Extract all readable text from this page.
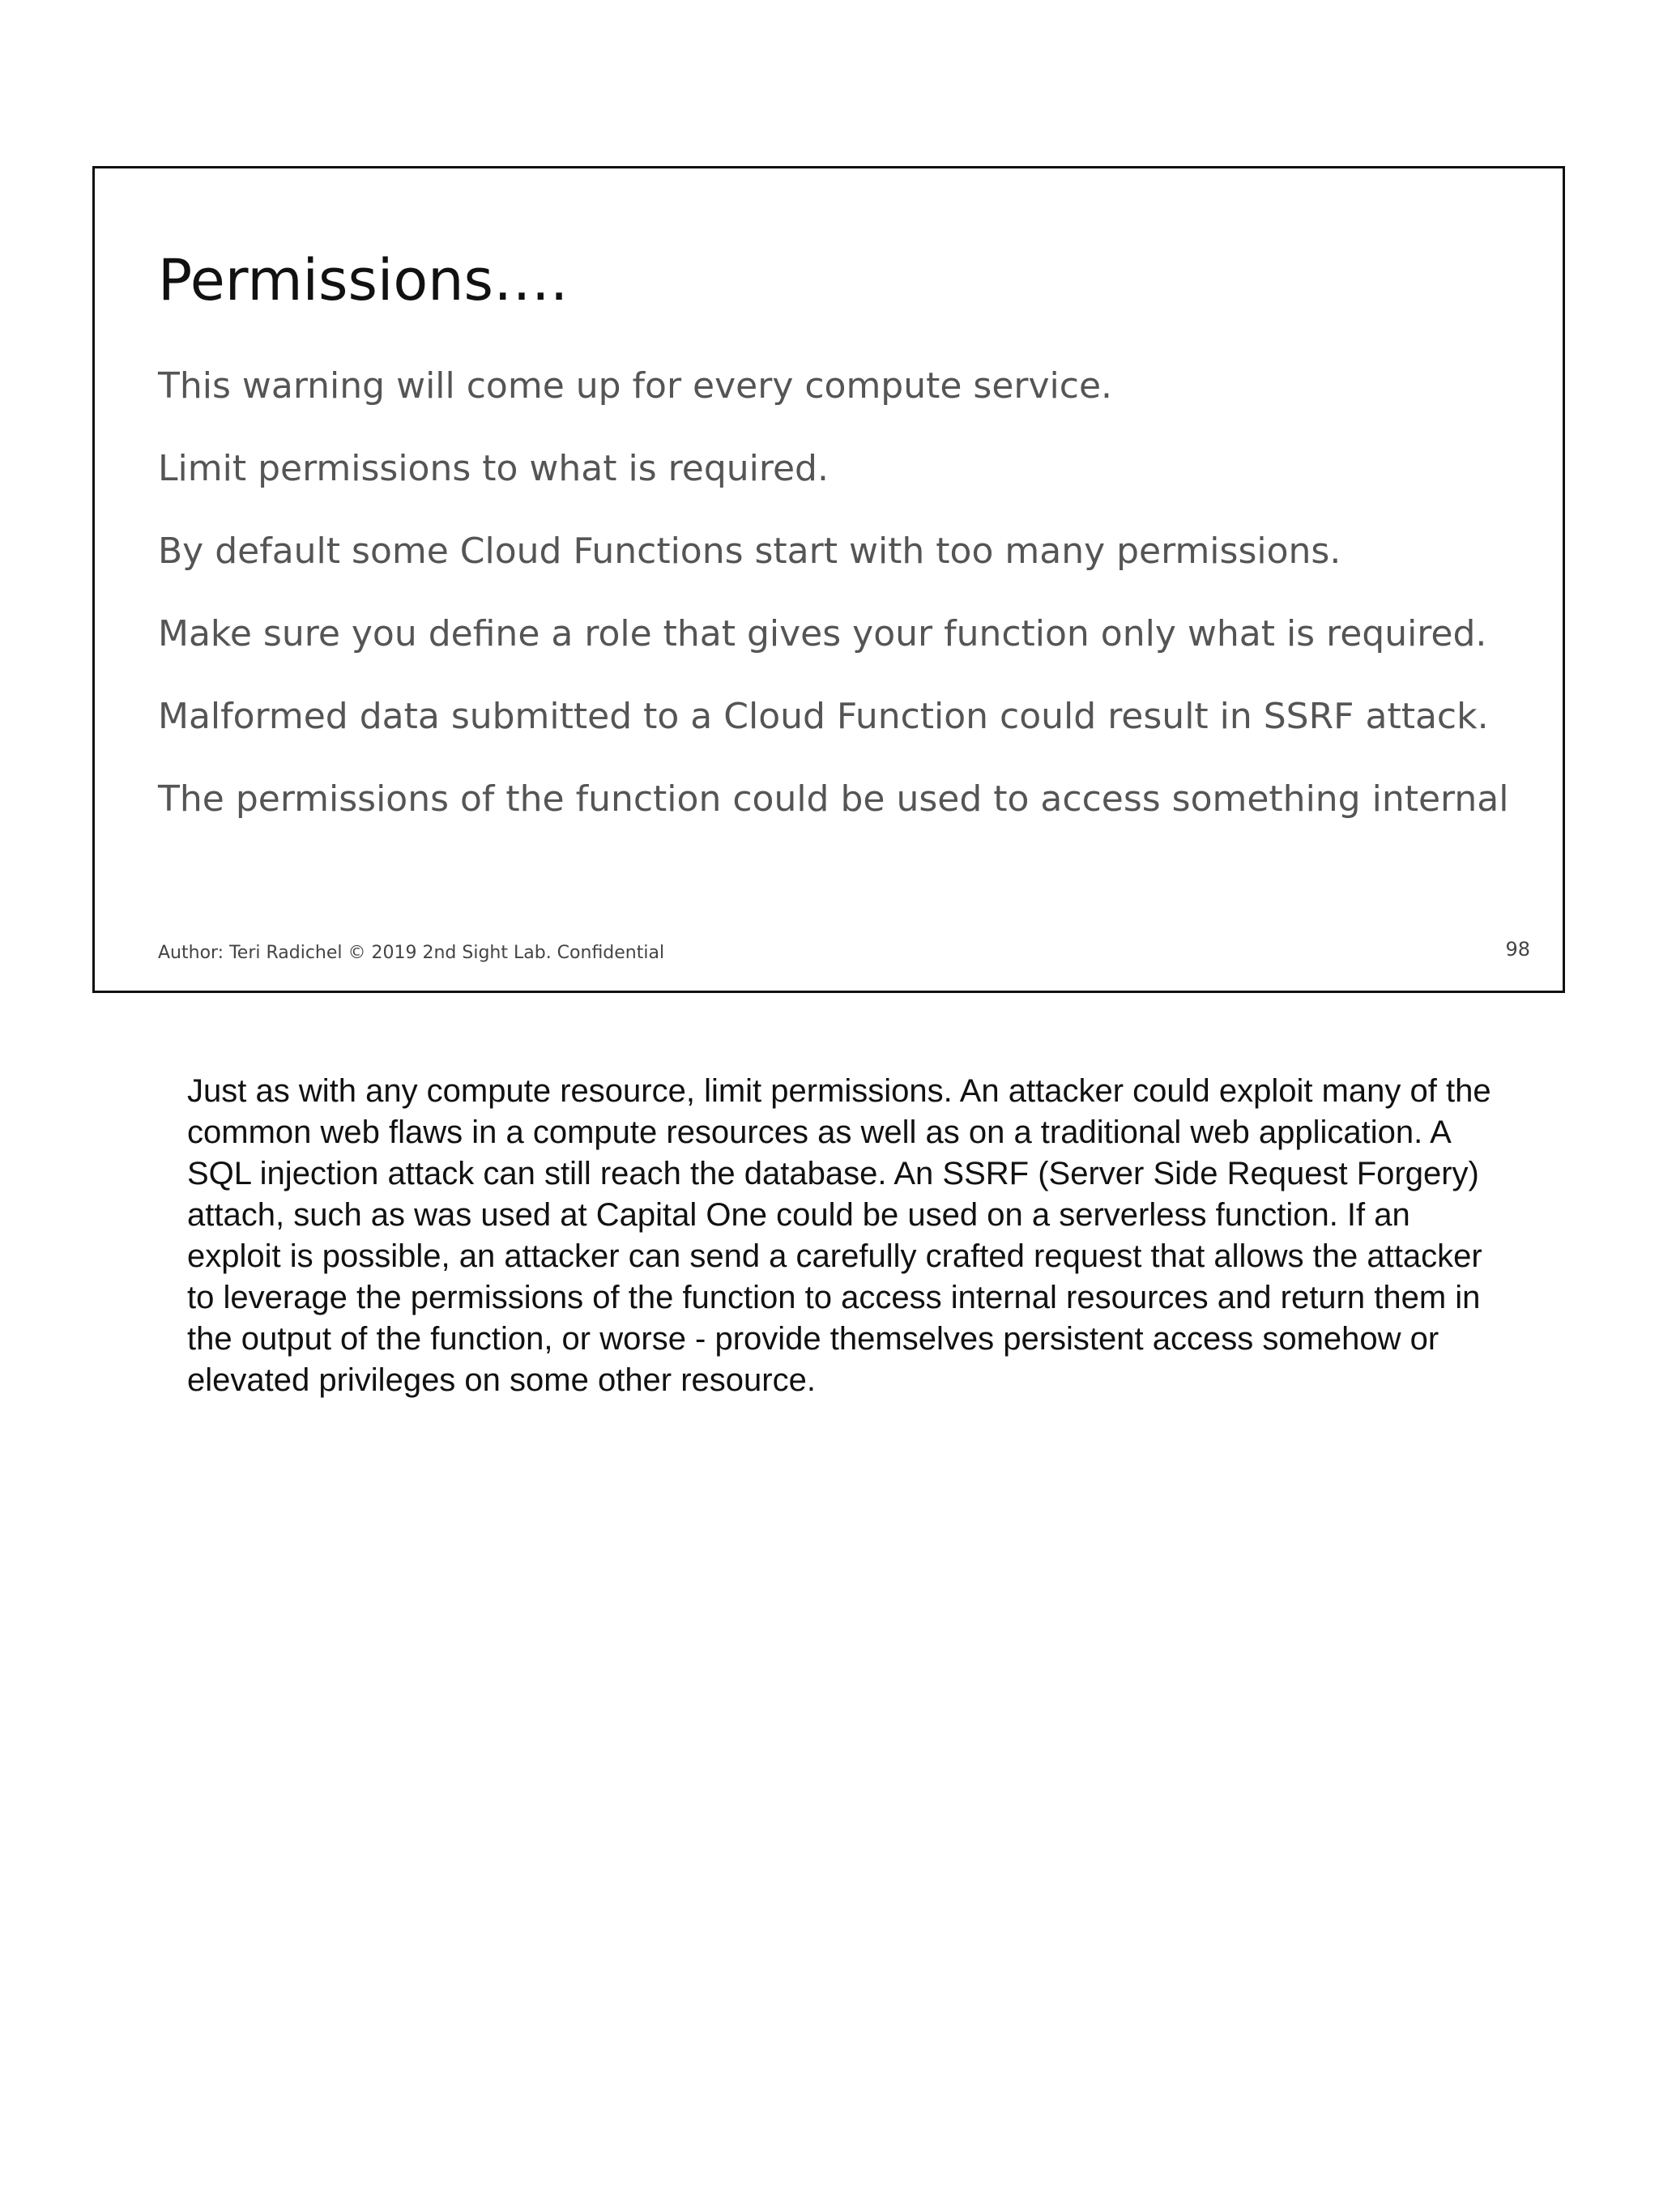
Permissions….
This warning will come up for every compute service.
Limit permissions to what is required.
By default some Cloud Functions start with too many permissions.
Make sure you define a role that gives your function only what is required.
Malformed data submitted to a Cloud Function could result in SSRF attack.
The permissions of the function could be used to access something internal
Author: Teri Radichel © 2019 2nd Sight Lab. Confidential	98

Just as with any compute resource, limit permissions. An attacker could exploit many of the common web flaws in a compute resources as well as on a traditional web application. A SQL injection attack can still reach the database. An SSRF (Server Side Request Forgery) attach, such as was used at Capital One could be used on a serverless function. If an exploit is possible, an attacker can send a carefully crafted request that allows the attacker to leverage the permissions of the function to access internal resources and return them in the output of the function, or worse - provide themselves persistent access somehow or elevated privileges on some other resource.
